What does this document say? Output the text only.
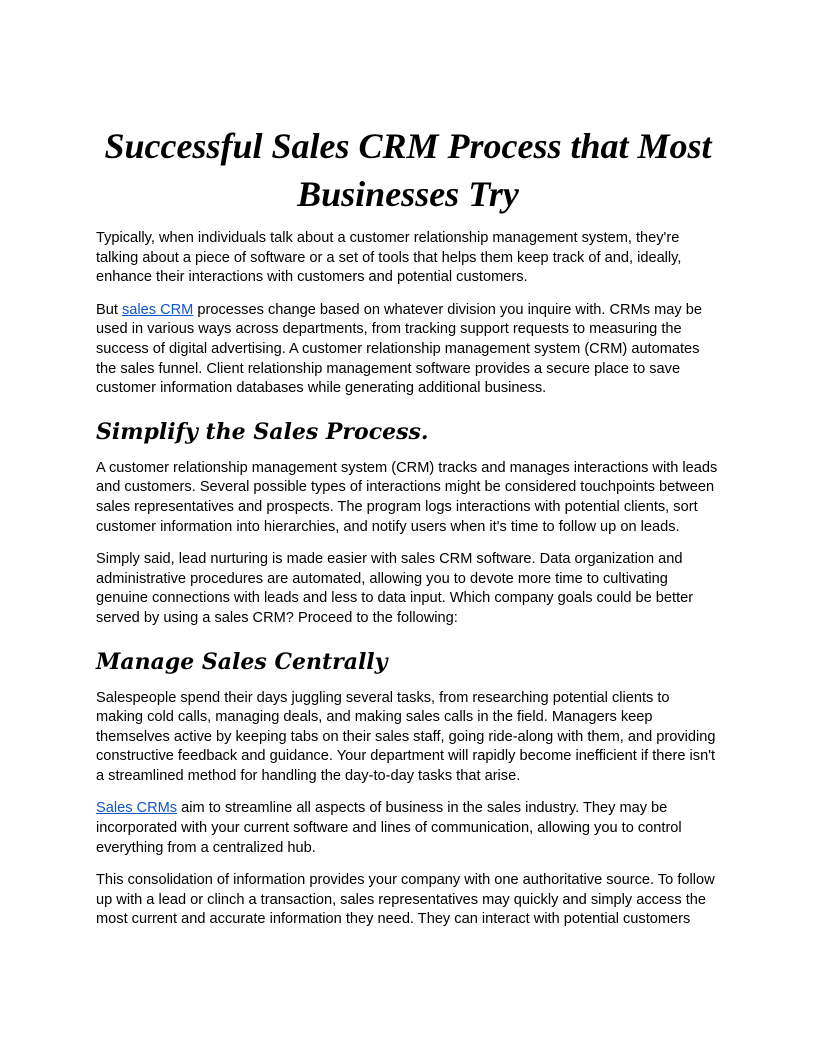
Successful Sales CRM Process that Most Businesses Try

Typically, when individuals talk about a customer relationship management system, they're talking about a piece of software or a set of tools that helps them keep track of and, ideally, enhance their interactions with customers and potential customers.

But sales CRM processes change based on whatever division you inquire with. CRMs may be used in various ways across departments, from tracking support requests to measuring the success of digital advertising. A customer relationship management system (CRM) automates the sales funnel. Client relationship management software provides a secure place to save customer information databases while generating additional business.

Simplify the Sales Process.

A customer relationship management system (CRM) tracks and manages interactions with leads and customers. Several possible types of interactions might be considered touchpoints between sales representatives and prospects. The program logs interactions with potential clients, sort customer information into hierarchies, and notify users when it's time to follow up on leads.

Simply said, lead nurturing is made easier with sales CRM software. Data organization and administrative procedures are automated, allowing you to devote more time to cultivating genuine connections with leads and less to data input. Which company goals could be better served by using a sales CRM? Proceed to the following:

Manage Sales Centrally

Salespeople spend their days juggling several tasks, from researching potential clients to making cold calls, managing deals, and making sales calls in the field. Managers keep themselves active by keeping tabs on their sales staff, going ride-along with them, and providing constructive feedback and guidance. Your department will rapidly become inefficient if there isn't a streamlined method for handling the day-to-day tasks that arise.

Sales CRMs aim to streamline all aspects of business in the sales industry. They may be incorporated with your current software and lines of communication, allowing you to control everything from a centralized hub.

This consolidation of information provides your company with one authoritative source. To follow up with a lead or clinch a transaction, sales representatives may quickly and simply access the most current and accurate information they need. They can interact with potential customers
